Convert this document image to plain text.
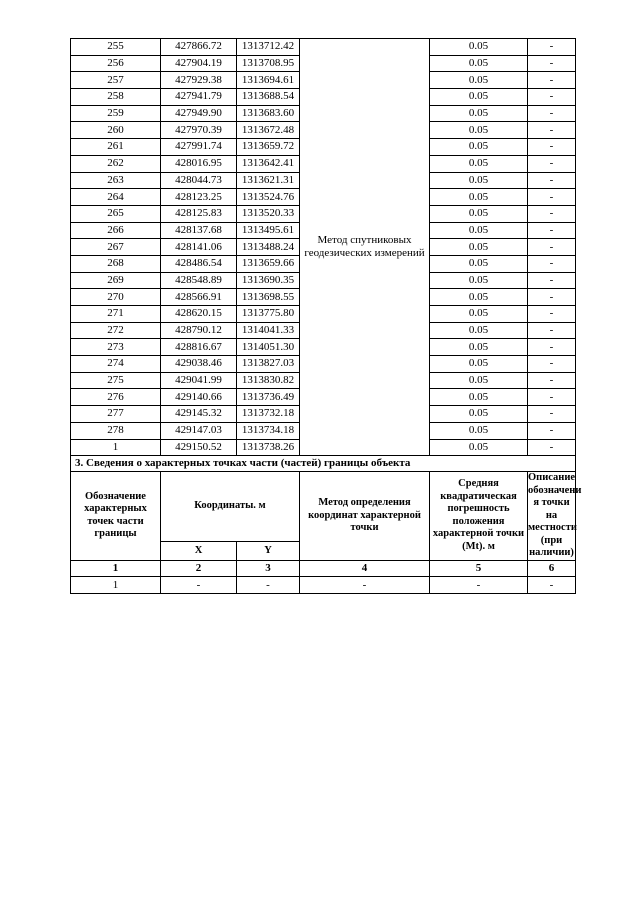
255	427866.72	1313712.42	Метод спутниковых геодезических измерений	0.05	-
256	427904.19	1313708.95		0.05	-
257	427929.38	1313694.61		0.05	-
258	427941.79	1313688.54		0.05	-
259	427949.90	1313683.60		0.05	-
260	427970.39	1313672.48		0.05	-
261	427991.74	1313659.72		0.05	-
262	428016.95	1313642.41		0.05	-
263	428044.73	1313621.31		0.05	-
264	428123.25	1313524.76		0.05	-
265	428125.83	1313520.33		0.05	-
266	428137.68	1313495.61		0.05	-
267	428141.06	1313488.24		0.05	-
268	428486.54	1313659.66		0.05	-
269	428548.89	1313690.35		0.05	-
270	428566.91	1313698.55		0.05	-
271	428620.15	1313775.80		0.05	-
272	428790.12	1314041.33		0.05	-
273	428816.67	1314051.30		0.05	-
274	429038.46	1313827.03		0.05	-
275	429041.99	1313830.82		0.05	-
276	429140.66	1313736.49		0.05	-
277	429145.32	1313732.18		0.05	-
278	429147.03	1313734.18		0.05	-
1	429150.52	1313738.26		0.05	-
3. Сведения о характерных точках части (частей) границы объекта					
Обозначение характерных точек части границы	Координаты. м		Метод определения координат характерной точки	Средняя квадратическая погрешность положения характерной точки (Mt). м	Описание обозначени я точки на местности (при наличии)
	X	Y			
1	2	3	4	5	6
1	-	-	-	-	-
